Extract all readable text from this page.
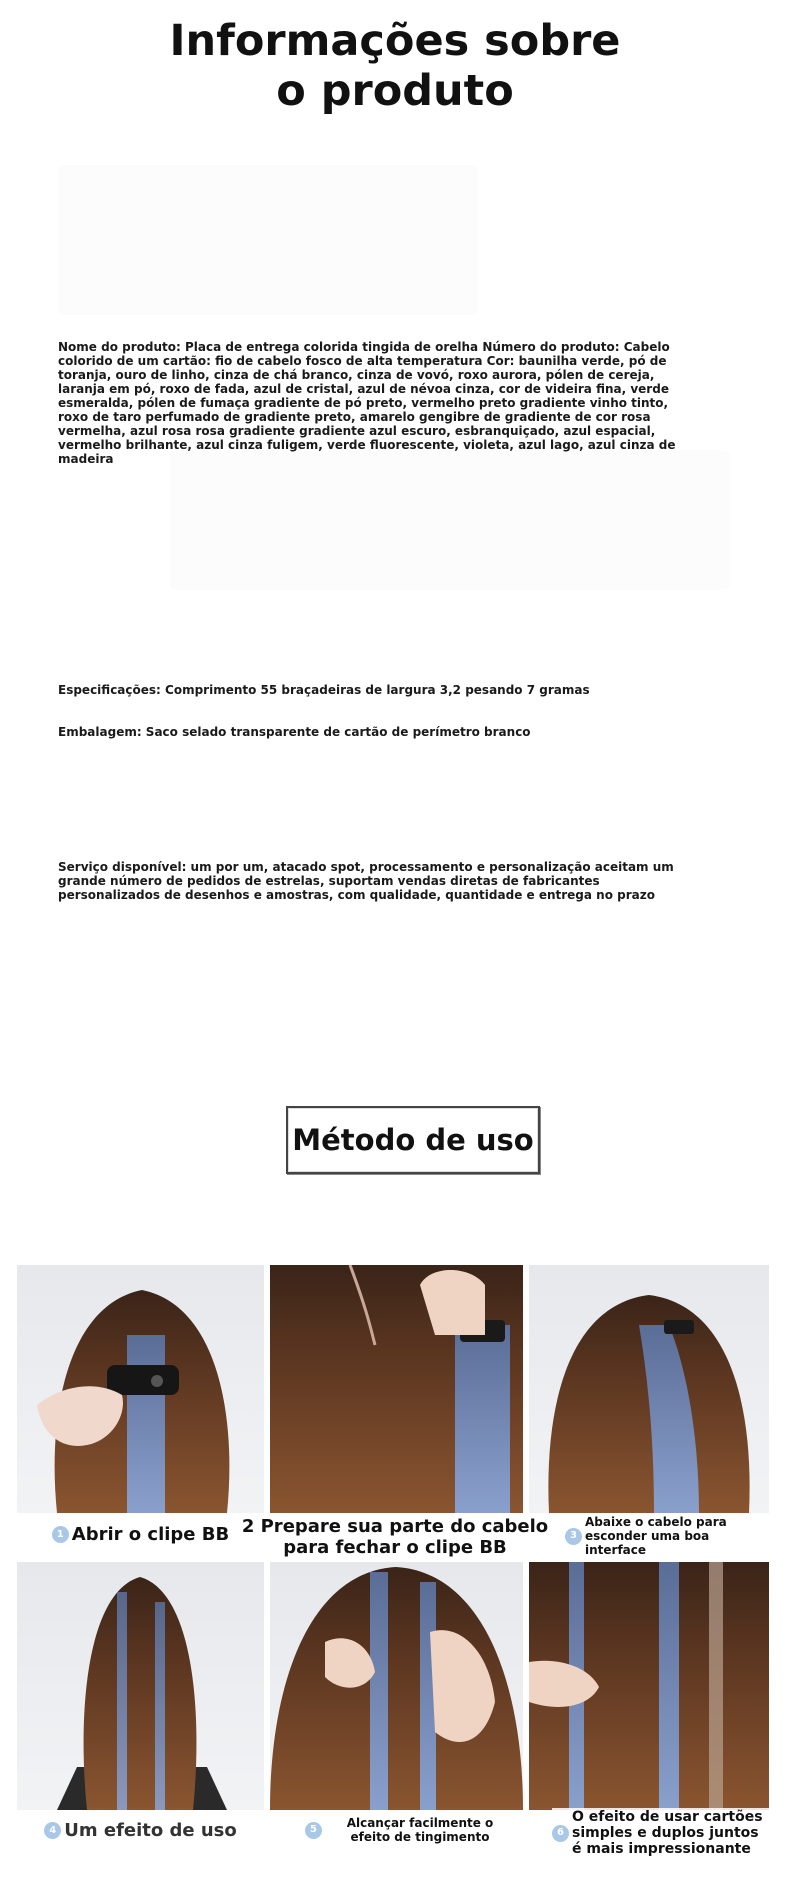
Informações sobre
o produto

Nome do produto: Placa de entrega colorida tingida de orelha Número do produto: Cabelo colorido de um cartão: fio de cabelo fosco de alta temperatura Cor: baunilha verde, pó de toranja, ouro de linho, cinza de chá branco, cinza de vovó, roxo aurora, pólen de cereja, laranja em pó, roxo de fada, azul de cristal, azul de névoa cinza, cor de videira fina, verde esmeralda, pólen de fumaça gradiente de pó preto, vermelho preto gradiente vinho tinto, roxo de taro perfumado de gradiente preto, amarelo gengibre de gradiente de cor rosa vermelha, azul rosa rosa gradiente gradiente azul escuro, esbranquiçado, azul espacial, vermelho brilhante, azul cinza fuligem, verde fluorescente, violeta, azul lago, azul cinza de madeira

Especificações: Comprimento 55 braçadeiras de largura 3,2 pesando 7 gramas

Embalagem: Saco selado transparente de cartão de perímetro branco

Serviço disponível: um por um, atacado spot, processamento e personalização aceitam um grande número de pedidos de estrelas, suportam vendas diretas de fabricantes personalizados de desenhos e amostras, com qualidade, quantidade e entrega no prazo

Método de uso
1 Abrir o clipe BB 2 Prepare sua parte do cabelo para fechar o clipe BB
3
Abaixe o cabelo para esconder uma boa interface
4 Um efeito de uso	5	Alcançar facilmente o efeito de tingimento	6
O efeito de usar cartões simples e duplos juntos é mais impressionante
